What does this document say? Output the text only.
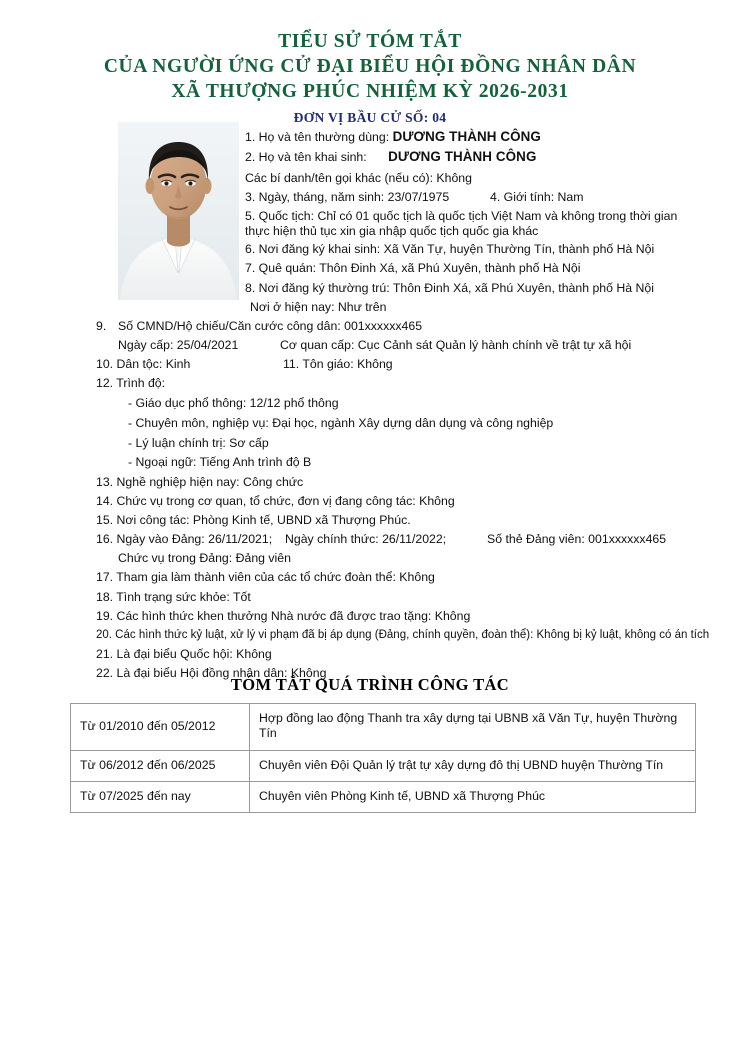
TIỂU SỬ TÓM TẮT
CỦA NGƯỜI ỨNG CỬ ĐẠI BIỂU HỘI ĐỒNG NHÂN DÂN
XÃ THƯỢNG PHÚC NHIỆM KỲ 2026-2031
ĐƠN VỊ BẦU CỬ SỐ: 04
1. Họ và tên thường dùng: DƯƠNG THÀNH CÔNG
2. Họ và tên khai sinh: DƯƠNG THÀNH CÔNG
Các bí danh/tên gọi khác (nếu có): Không
3. Ngày, tháng, năm sinh: 23/07/1975	4. Giới tính: Nam
5. Quốc tịch: Chỉ có 01 quốc tịch là quốc tịch Việt Nam và không trong thời gian
thực hiện thủ tục xin gia nhập quốc tịch quốc gia khác
6. Nơi đăng ký khai sinh: Xã Văn Tự, huyện Thường Tín, thành phố Hà Nội
7. Quê quán: Thôn Đinh Xá, xã Phú Xuyên, thành phố Hà Nội
8. Nơi đăng ký thường trú: Thôn Đinh Xá, xã Phú Xuyên, thành phố Hà Nội
Nơi ở hiện nay: Như trên
9. Số CMND/Hộ chiếu/Căn cước công dân: 001xxxxxx465
Ngày cấp: 25/04/2021	Cơ quan cấp: Cục Cảnh sát Quản lý hành chính về trật tự xã hội
10. Dân tộc: Kinh	11. Tôn giáo: Không
12. Trình độ:
- Giáo dục phổ thông: 12/12 phổ thông
- Chuyên môn, nghiệp vụ: Đại học, ngành Xây dựng dân dụng và công nghiệp
- Lý luận chính trị: Sơ cấp
- Ngoại ngữ: Tiếng Anh trình độ B
13. Nghề nghiệp hiện nay: Công chức
14. Chức vụ trong cơ quan, tổ chức, đơn vị đang công tác: Không
15. Nơi công tác: Phòng Kinh tế, UBND xã Thượng Phúc.
16. Ngày vào Đảng: 26/11/2021; Ngày chính thức: 26/11/2022;	Số thẻ Đảng viên: 001xxxxxx465
Chức vụ trong Đảng: Đảng viên
17. Tham gia làm thành viên của các tổ chức đoàn thể: Không
18. Tình trạng sức khỏe: Tốt
19. Các hình thức khen thưởng Nhà nước đã được trao tặng: Không
20. Các hình thức kỷ luật, xử lý vi phạm đã bị áp dụng (Đảng, chính quyền, đoàn thể): Không bị kỷ luật, không có án tích
21. Là đại biểu Quốc hội: Không
22. Là đại biểu Hội đồng nhân dân: Không
TÓM TẮT QUÁ TRÌNH CÔNG TÁC
Từ 01/2010 đến 05/2012	Hợp đồng lao động Thanh tra xây dựng tại UBNB xã Văn Tự, huyện Thường Tín
Từ 06/2012 đến 06/2025	Chuyên viên Đội Quản lý trật tự xây dựng đô thị UBND huyện Thường Tín
Từ 07/2025 đến nay	Chuyên viên Phòng Kinh tế, UBND xã Thượng Phúc
